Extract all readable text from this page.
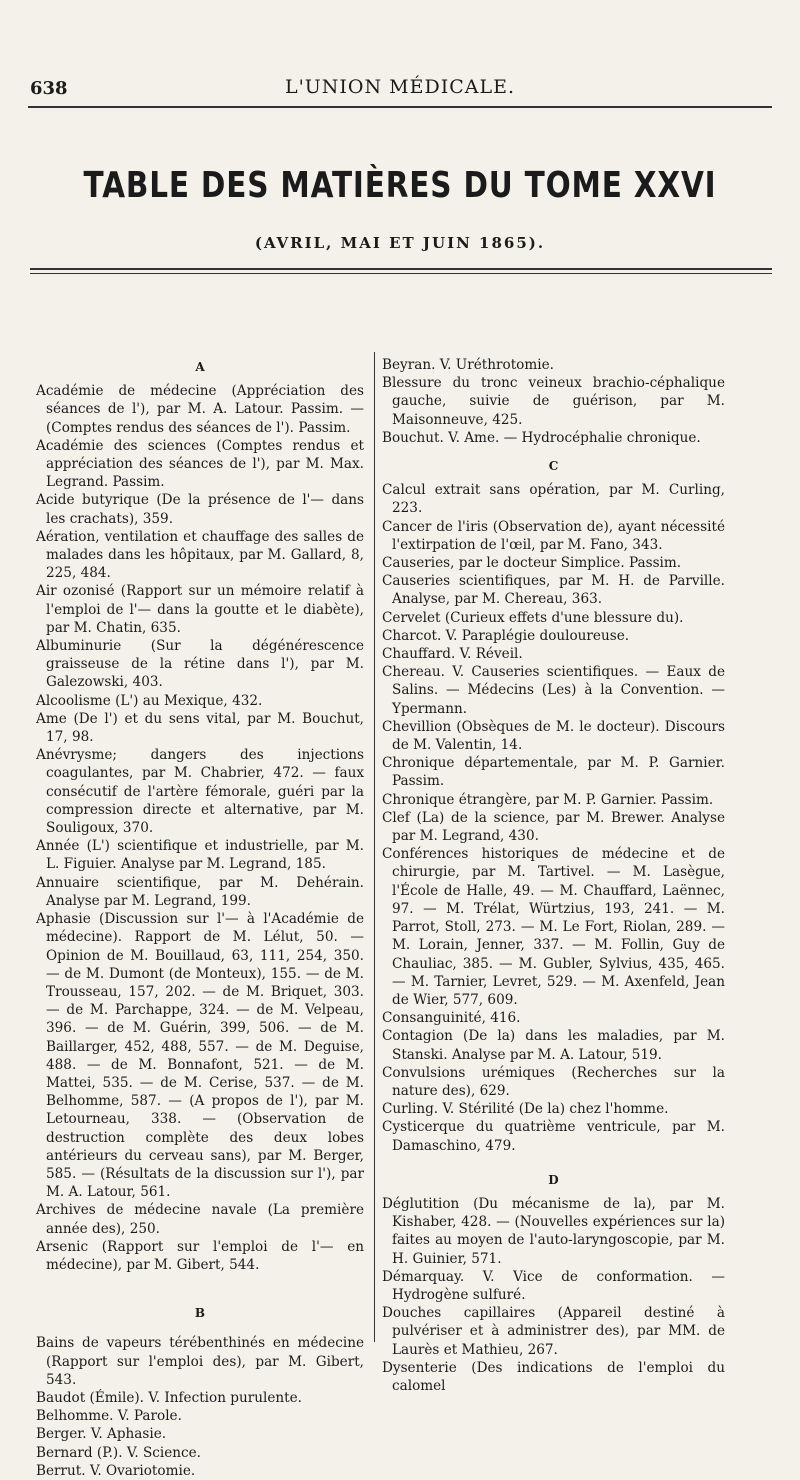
638	L'UNION MÉDICALE.
TABLE DES MATIÈRES DU TOME XXVI
(AVRIL, MAI ET JUIN 1865).
A
Académie de médecine (Appréciation des séances de l'), par M. A. Latour. Passim. — (Comptes rendus des séances de l'). Passim.
Académie des sciences (Comptes rendus et appréciation des séances de l'), par M. Max. Legrand. Passim.
Acide butyrique (De la présence de l'— dans les crachats), 359.
Aération, ventilation et chauffage des salles de malades dans les hôpitaux, par M. Gallard, 8, 225, 484.
Air ozonisé (Rapport sur un mémoire relatif à l'emploi de l'— dans la goutte et le diabète), par M. Chatin, 635.
Albuminurie (Sur la dégénérescence graisseuse de la rétine dans l'), par M. Galezowski, 403.
Alcoolisme (L') au Mexique, 432.
Ame (De l') et du sens vital, par M. Bouchut, 17, 98.
Anévrysme; dangers des injections coagulantes, par M. Chabrier, 472. — faux consécutif de l'artère fémorale, guéri par la compression directe et alternative, par M. Souligoux, 370.
Année (L') scientifique et industrielle, par M. L. Figuier. Analyse par M. Legrand, 185.
Annuaire scientifique, par M. Dehérain. Analyse par M. Legrand, 199.
Aphasie (Discussion sur l'— à l'Académie de médecine). Rapport de M. Lélut, 50. — Opinion de M. Bouillaud, 63, 111, 254, 350. — de M. Dumont (de Monteux), 155. — de M. Trousseau, 157, 202. — de M. Briquet, 303. — de M. Parchappe, 324. — de M. Velpeau, 396. — de M. Guérin, 399, 506. — de M. Baillarger, 452, 488, 557. — de M. Deguise, 488. — de M. Bonnafont, 521. — de M. Mattei, 535. — de M. Cerise, 537. — de M. Belhomme, 587. — (A propos de l'), par M. Letourneau, 338. — (Observation de destruction complète des deux lobes antérieurs du cerveau sans), par M. Berger, 585. — (Résultats de la discussion sur l'), par M. A. Latour, 561.
Archives de médecine navale (La première année des), 250.
Arsenic (Rapport sur l'emploi de l'— en médecine), par M. Gibert, 544.
B
Bains de vapeurs térébenthinés en médecine (Rapport sur l'emploi des), par M. Gibert, 543.
Baudot (Émile). V. Infection purulente.
Belhomme. V. Parole.
Berger. V. Aphasie.
Bernard (P.). V. Science.
Berrut. V. Ovariotomie.
Beyran. V. Uréthrotomie.
Blessure du tronc veineux brachio-céphalique gauche, suivie de guérison, par M. Maisonneuve, 425.
Bouchut. V. Ame. — Hydrocéphalie chronique.
C
Calcul extrait sans opération, par M. Curling, 223.
Cancer de l'iris (Observation de), ayant nécessité l'extirpation de l'œil, par M. Fano, 343.
Causeries, par le docteur Simplice. Passim.
Causeries scientifiques, par M. H. de Parville. Analyse, par M. Chereau, 363.
Cervelet (Curieux effets d'une blessure du).
Charcot. V. Paraplégie douloureuse.
Chauffard. V. Réveil.
Chereau. V. Causeries scientifiques. — Eaux de Salins. — Médecins (Les) à la Convention. — Ypermann.
Chevillion (Obsèques de M. le docteur). Discours de M. Valentin, 14.
Chronique départementale, par M. P. Garnier. Passim.
Chronique étrangère, par M. P. Garnier. Passim.
Clef (La) de la science, par M. Brewer. Analyse par M. Legrand, 430.
Conférences historiques de médecine et de chirurgie, par M. Tartivel. — M. Lasègue, l'École de Halle, 49. — M. Chauffard, Laënnec, 97. — M. Trélat, Würtzius, 193, 241. — M. Parrot, Stoll, 273. — M. Le Fort, Riolan, 289. — M. Lorain, Jenner, 337. — M. Follin, Guy de Chauliac, 385. — M. Gubler, Sylvius, 435, 465. — M. Tarnier, Levret, 529. — M. Axenfeld, Jean de Wier, 577, 609.
Consanguinité, 416.
Contagion (De la) dans les maladies, par M. Stanski. Analyse par M. A. Latour, 519.
Convulsions urémiques (Recherches sur la nature des), 629.
Curling. V. Stérilité (De la) chez l'homme.
Cysticerque du quatrième ventricule, par M. Damaschino, 479.
D
Déglutition (Du mécanisme de la), par M. Kishaber, 428. — (Nouvelles expériences sur la) faites au moyen de l'auto-laryngoscopie, par M. H. Guinier, 571.
Démarquay. V. Vice de conformation. — Hydrogène sulfuré.
Douches capillaires (Appareil destiné à pulvériser et à administrer des), par MM. de Laurès et Mathieu, 267.
Dysenterie (Des indications de l'emploi du calomel
